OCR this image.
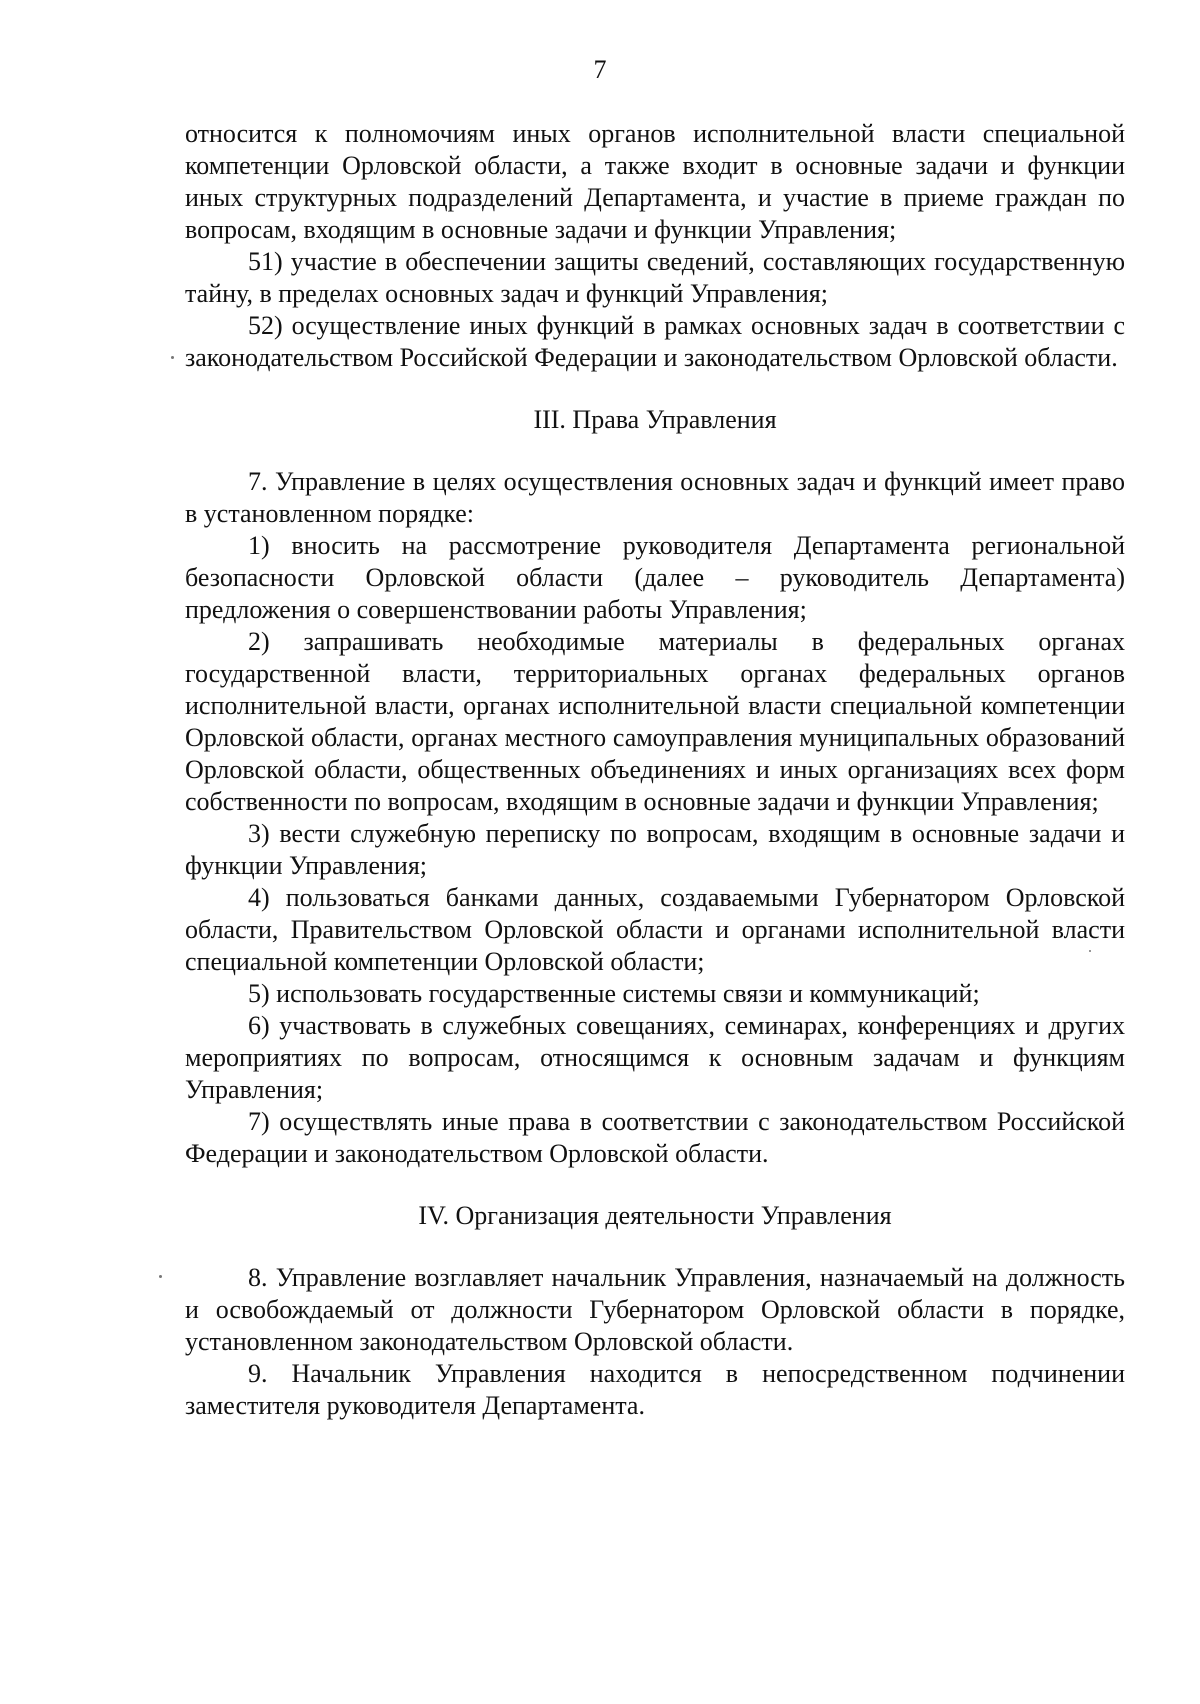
7

относится к полномочиям иных органов исполнительной власти специальной компетенции Орловской области, а также входит в основные задачи и функции иных структурных подразделений Департамента, и участие в приеме граждан по вопросам, входящим в основные задачи и функции Управления;

51) участие в обеспечении защиты сведений, составляющих государственную тайну, в пределах основных задач и функций Управления;

52) осуществление иных функций в рамках основных задач в соответствии с законодательством Российской Федерации и законодательством Орловской области.

III. Права Управления

7. Управление в целях осуществления основных задач и функций имеет право в установленном порядке:

1) вносить на рассмотрение руководителя Департамента региональной безопасности Орловской области (далее – руководитель Департамента) предложения о совершенствовании работы Управления;

2) запрашивать необходимые материалы в федеральных органах государственной власти, территориальных органах федеральных органов исполнительной власти, органах исполнительной власти специальной компетенции Орловской области, органах местного самоуправления муниципальных образований Орловской области, общественных объединениях и иных организациях всех форм собственности по вопросам, входящим в основные задачи и функции Управления;

3) вести служебную переписку по вопросам, входящим в основные задачи и функции Управления;

4) пользоваться банками данных, создаваемыми Губернатором Орловской области, Правительством Орловской области и органами исполнительной власти специальной компетенции Орловской области;

5) использовать государственные системы связи и коммуникаций;

6) участвовать в служебных совещаниях, семинарах, конференциях и других мероприятиях по вопросам, относящимся к основным задачам и функциям Управления;

7) осуществлять иные права в соответствии с законодательством Российской Федерации и законодательством Орловской области.

IV. Организация деятельности Управления

8. Управление возглавляет начальник Управления, назначаемый на должность и освобождаемый от должности Губернатором Орловской области в порядке, установленном законодательством Орловской области.

9. Начальник Управления находится в непосредственном подчинении заместителя руководителя Департамента.
